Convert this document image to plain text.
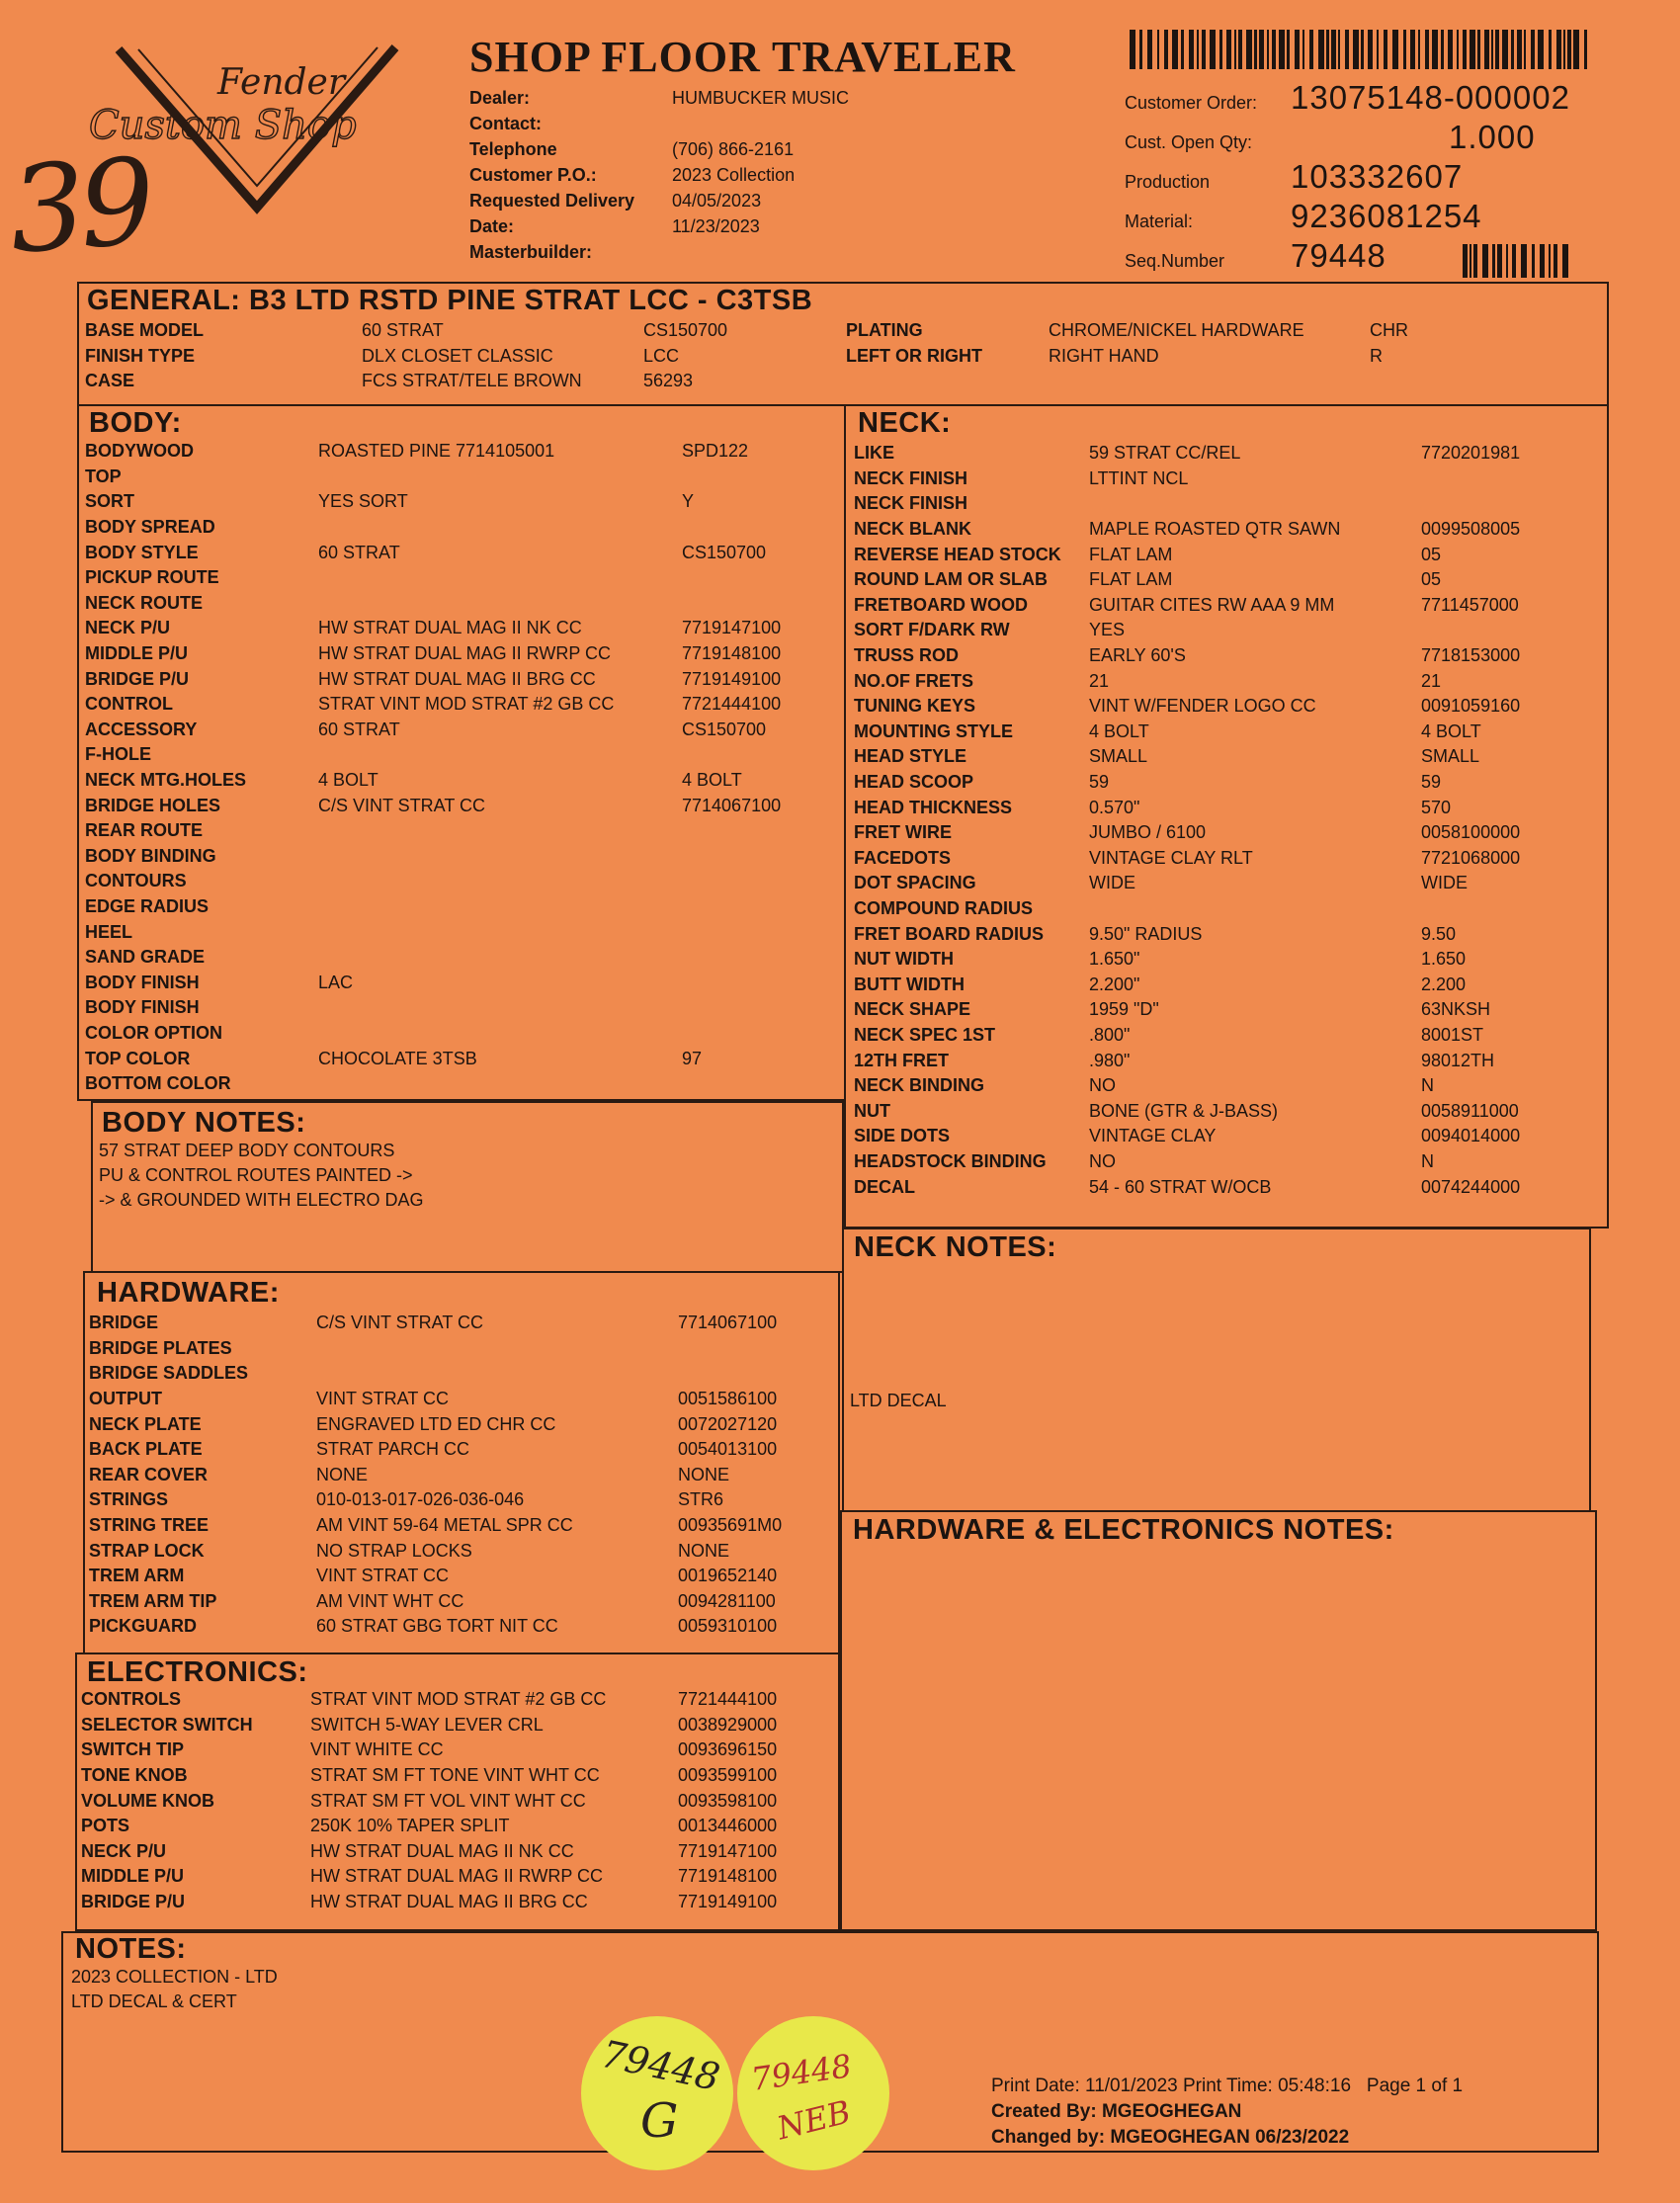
Fender
Custom Shop
39
SHOP FLOOR TRAVELER
Dealer:	HUMBUCKER MUSIC
Contact:
Telephone	(706) 866-2161
Customer P.O.:	2023 Collection
Requested Delivery	04/05/2023
Date:	11/23/2023
Masterbuilder:
Customer Order:	13075148-000002
Cust. Open Qty:	1.000
Production	103332607
Material:	9236081254
Seq.Number	79448
GENERAL: B3 LTD RSTD PINE STRAT LCC - C3TSB
BASE MODEL	60 STRAT	CS150700	PLATING	CHROME/NICKEL HARDWARE	CHR
FINISH TYPE	DLX CLOSET CLASSIC	LCC	LEFT OR RIGHT	RIGHT HAND	R
CASE	FCS STRAT/TELE BROWN	56293
BODY:
BODYWOOD	ROASTED PINE 7714105001	SPD122
TOP
SORT	YES SORT	Y
BODY SPREAD
BODY STYLE	60 STRAT	CS150700
PICKUP ROUTE
NECK ROUTE
NECK P/U	HW STRAT DUAL MAG II NK CC	7719147100
MIDDLE P/U	HW STRAT DUAL MAG II RWRP CC	7719148100
BRIDGE P/U	HW STRAT DUAL MAG II BRG CC	7719149100
CONTROL	STRAT VINT MOD STRAT #2 GB CC	7721444100
ACCESSORY	60 STRAT	CS150700
F-HOLE
NECK MTG.HOLES	4 BOLT	4 BOLT
BRIDGE HOLES	C/S VINT STRAT CC	7714067100
REAR ROUTE
BODY BINDING
CONTOURS
EDGE RADIUS
HEEL
SAND GRADE
BODY FINISH	LAC
BODY FINISH
COLOR OPTION
TOP COLOR	CHOCOLATE 3TSB	97
BOTTOM COLOR
NECK:
LIKE	59 STRAT CC/REL	7720201981
NECK FINISH	LTTINT NCL
NECK FINISH
NECK BLANK	MAPLE ROASTED QTR SAWN	0099508005
REVERSE HEAD STOCK	FLAT LAM	05
ROUND LAM OR SLAB	FLAT LAM	05
FRETBOARD WOOD	GUITAR CITES RW AAA 9 MM	7711457000
SORT F/DARK RW	YES
TRUSS ROD	EARLY 60'S	7718153000
NO.OF FRETS	21	21
TUNING KEYS	VINT W/FENDER LOGO CC	0091059160
MOUNTING STYLE	4 BOLT	4 BOLT
HEAD STYLE	SMALL	SMALL
HEAD SCOOP	59	59
HEAD THICKNESS	0.570"	570
FRET WIRE	JUMBO / 6100	0058100000
FACEDOTS	VINTAGE CLAY RLT	7721068000
DOT SPACING	WIDE	WIDE
COMPOUND RADIUS
FRET BOARD RADIUS	9.50" RADIUS	9.50
NUT WIDTH	1.650"	1.650
BUTT WIDTH	2.200"	2.200
NECK SHAPE	1959 "D"	63NKSH
NECK SPEC 1ST	.800"	8001ST
12TH FRET	.980"	98012TH
NECK BINDING	NO	N
NUT	BONE (GTR & J-BASS)	0058911000
SIDE DOTS	VINTAGE CLAY	0094014000
HEADSTOCK BINDING	NO	N
DECAL	54 - 60 STRAT W/OCB	0074244000
BODY NOTES:
57 STRAT DEEP BODY CONTOURS
PU & CONTROL ROUTES PAINTED ->
-> & GROUNDED WITH ELECTRO DAG
NECK NOTES:
LTD DECAL
HARDWARE:
BRIDGE	C/S VINT STRAT CC	7714067100
BRIDGE PLATES
BRIDGE SADDLES
OUTPUT	VINT STRAT CC	0051586100
NECK PLATE	ENGRAVED LTD ED CHR CC	0072027120
BACK PLATE	STRAT PARCH CC	0054013100
REAR COVER	NONE	NONE
STRINGS	010-013-017-026-036-046	STR6
STRING TREE	AM VINT 59-64 METAL SPR CC	00935691M0
STRAP LOCK	NO STRAP LOCKS	NONE
TREM ARM	VINT STRAT CC	0019652140
TREM ARM TIP	AM VINT WHT CC	0094281100
PICKGUARD	60 STRAT GBG TORT NIT CC	0059310100
HARDWARE & ELECTRONICS NOTES:
ELECTRONICS:
CONTROLS	STRAT VINT MOD STRAT #2 GB CC	7721444100
SELECTOR SWITCH	SWITCH 5-WAY LEVER CRL	0038929000
SWITCH TIP	VINT WHITE CC	0093696150
TONE KNOB	STRAT SM FT TONE VINT WHT CC	0093599100
VOLUME KNOB	STRAT SM FT VOL VINT WHT CC	0093598100
POTS	250K 10% TAPER SPLIT	0013446000
NECK P/U	HW STRAT DUAL MAG II NK CC	7719147100
MIDDLE P/U	HW STRAT DUAL MAG II RWRP CC	7719148100
BRIDGE P/U	HW STRAT DUAL MAG II BRG CC	7719149100
NOTES:
2023 COLLECTION - LTD
LTD DECAL & CERT
79448
G
79448
NEB
Print Date: 11/01/2023 Print Time: 05:48:16 Page 1 of 1
Created By: MGEOGHEGAN
Changed by: MGEOGHEGAN 06/23/2022
